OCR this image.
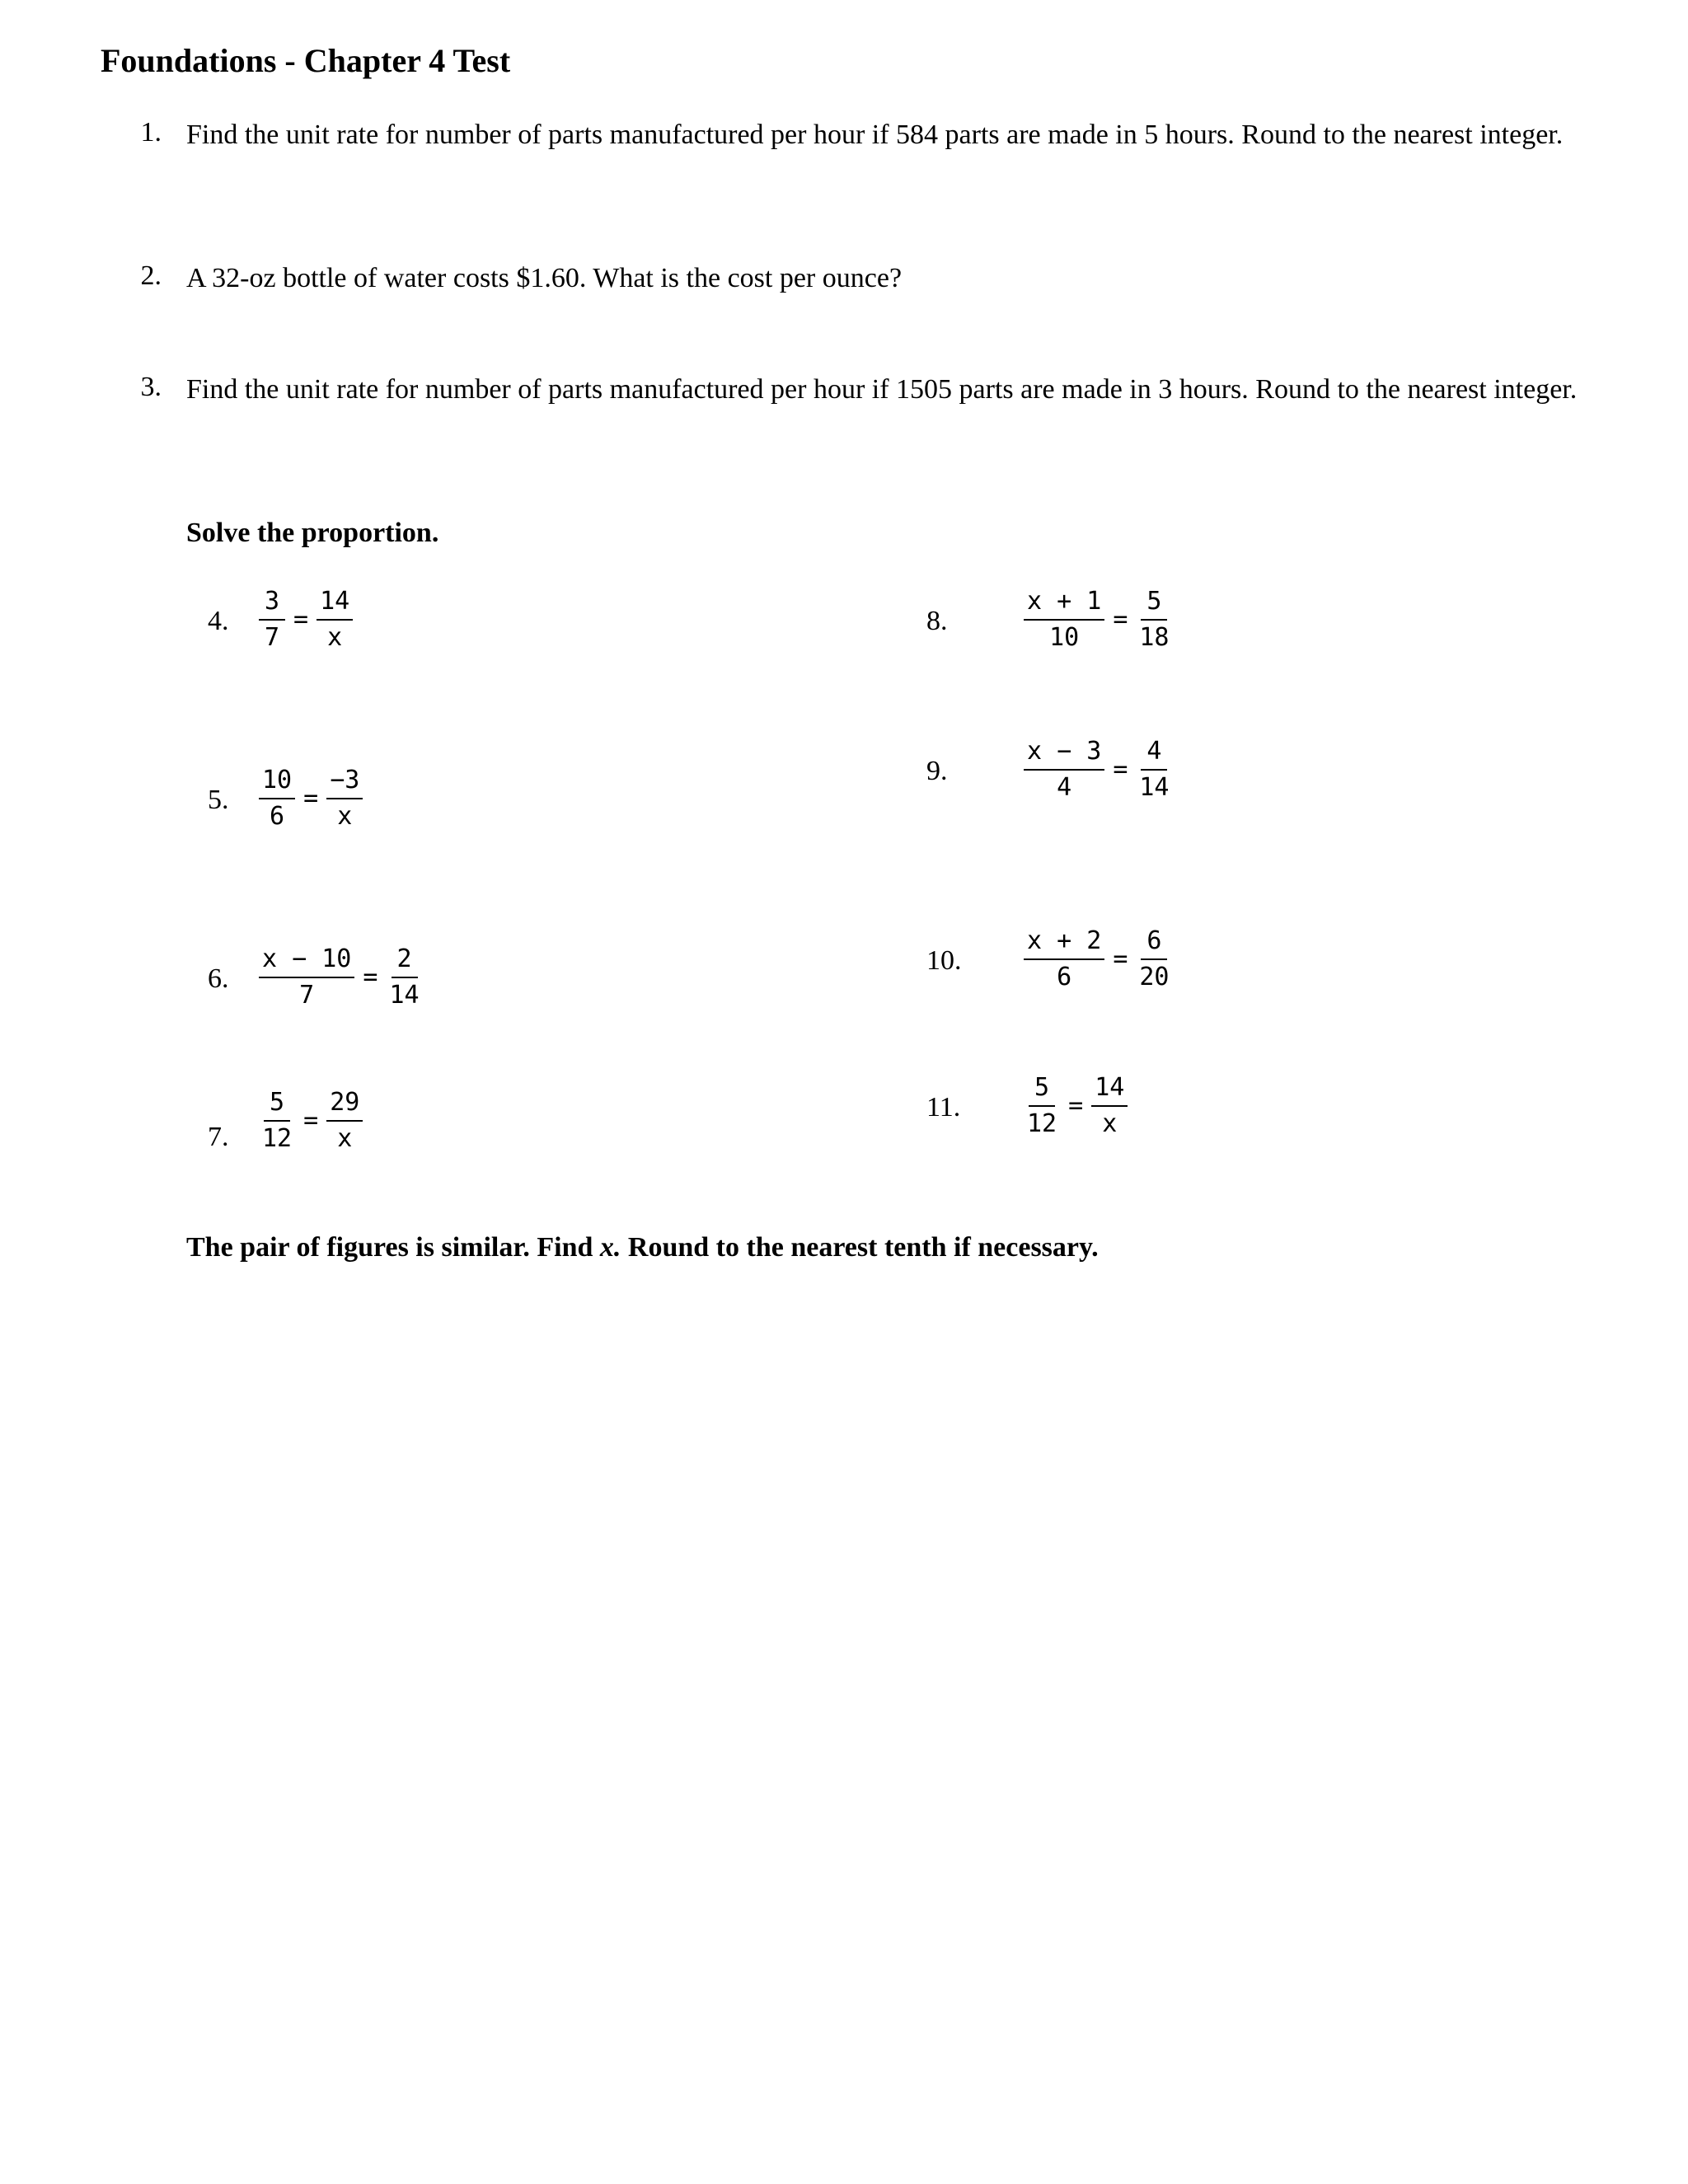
Foundations - Chapter 4 Test
1. Find the unit rate for number of parts manufactured per hour if 584 parts are made in 5 hours. Round to the nearest integer.
2. A 32-oz bottle of water costs $1.60. What is the cost per ounce?
3. Find the unit rate for number of parts manufactured per hour if 1505 parts are made in 3 hours. Round to the nearest integer.
Solve the proportion.
4. $\frac{3}{7} = \frac{14}{x}$
5. $\frac{10}{6} = \frac{-3}{x}$
6. $\frac{x - 10}{7} = \frac{2}{14}$
7. $\frac{5}{12} = \frac{29}{x}$
8.	$\frac{x + 1}{10} = \frac{5}{18}$
9.	$\frac{x - 3}{4} = \frac{4}{14}$
10. $\frac{x + 2}{6} = \frac{6}{20}$
11. $\frac{5}{12} = \frac{14}{x}$
The pair of figures is similar. Find x. Round to the nearest tenth if necessary.
